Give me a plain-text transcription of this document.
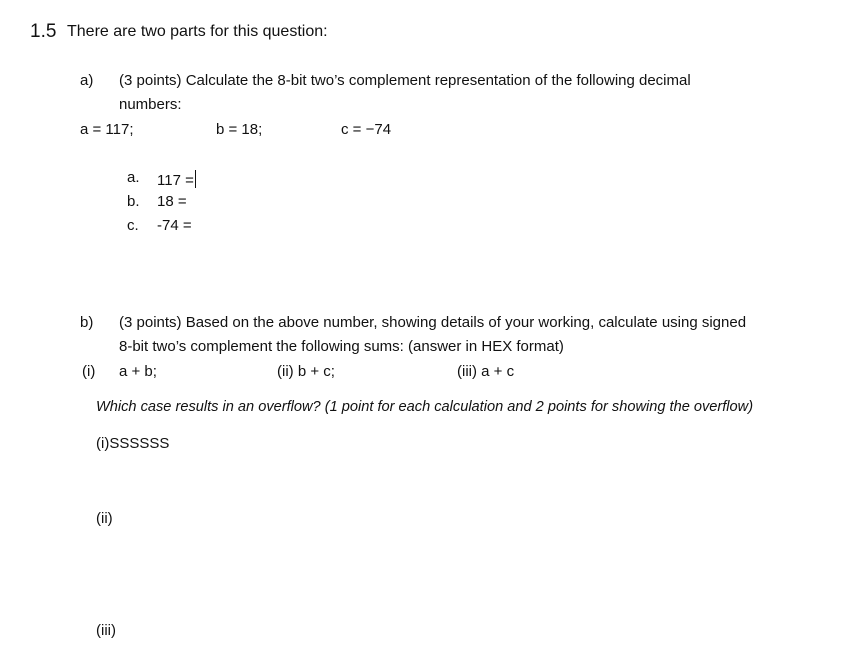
1.5 There are two parts for this question:
a) (3 points) Calculate the 8-bit two’s complement representation of the following decimal
numbers:
a = 117;	b = 18;	c = −74
a. 117 =
b. 18 =
c. -74 =
b) (3 points) Based on the above number, showing details of your working, calculate using signed
8-bit two’s complement the following sums: (answer in HEX format)
(i) a + b;	(ii) b + c;	(iii) a + c
Which case results in an overflow? (1 point for each calculation and 2 points for showing the overflow)
(i)SSSSSS
(ii)
(iii)
